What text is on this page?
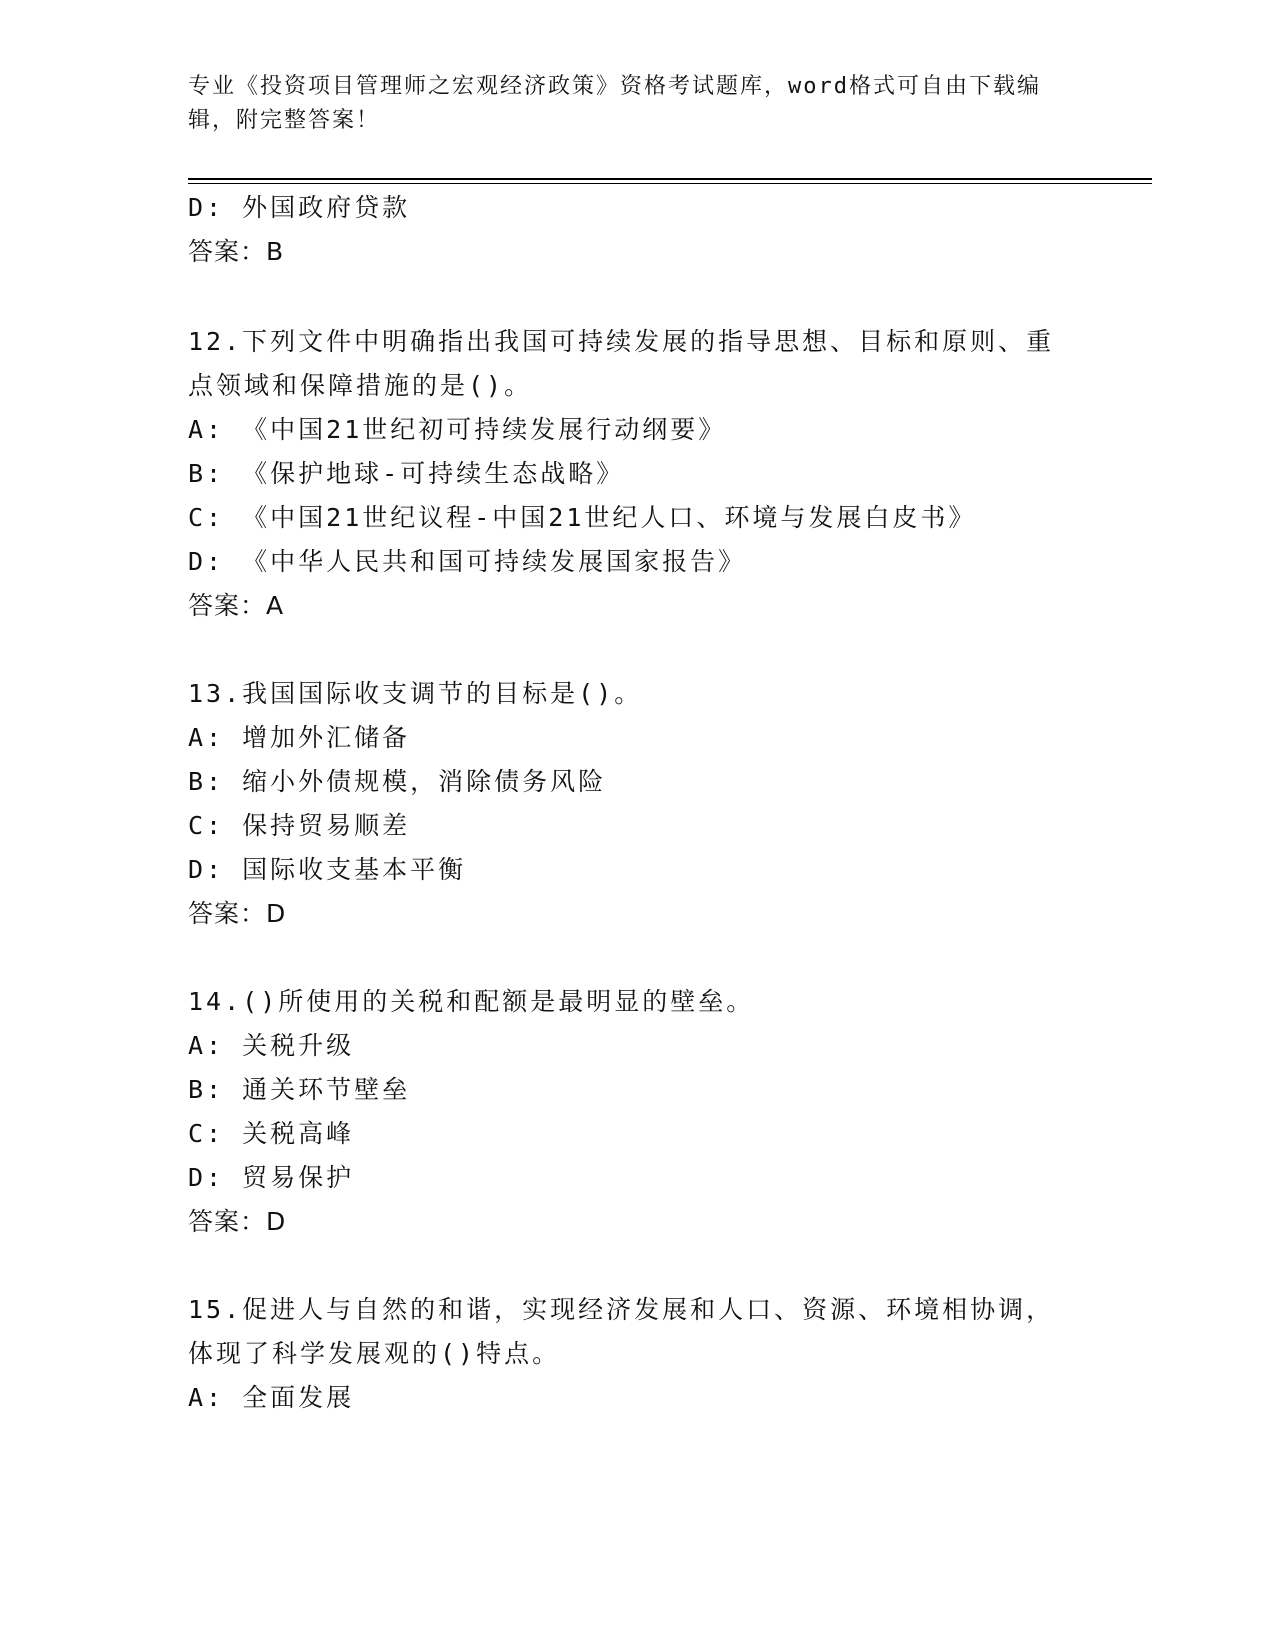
专业《投资项目管理师之宏观经济政策》资格考试题库，word格式可自由下载编
辑，附完整答案！
D: 外国政府贷款
答案：B
12.下列文件中明确指出我国可持续发展的指导思想、目标和原则、重
点领域和保障措施的是()。
A: 《中国21世纪初可持续发展行动纲要》
B: 《保护地球-可持续生态战略》
C: 《中国21世纪议程-中国21世纪人口、环境与发展白皮书》
D: 《中华人民共和国可持续发展国家报告》
答案：A
13.我国国际收支调节的目标是()。
A: 增加外汇储备
B: 缩小外债规模，消除债务风险
C: 保持贸易顺差
D: 国际收支基本平衡
答案：D
14.()所使用的关税和配额是最明显的壁垒。
A: 关税升级
B: 通关环节壁垒
C: 关税高峰
D: 贸易保护
答案：D
15.促进人与自然的和谐，实现经济发展和人口、资源、环境相协调，
体现了科学发展观的()特点。
A: 全面发展
